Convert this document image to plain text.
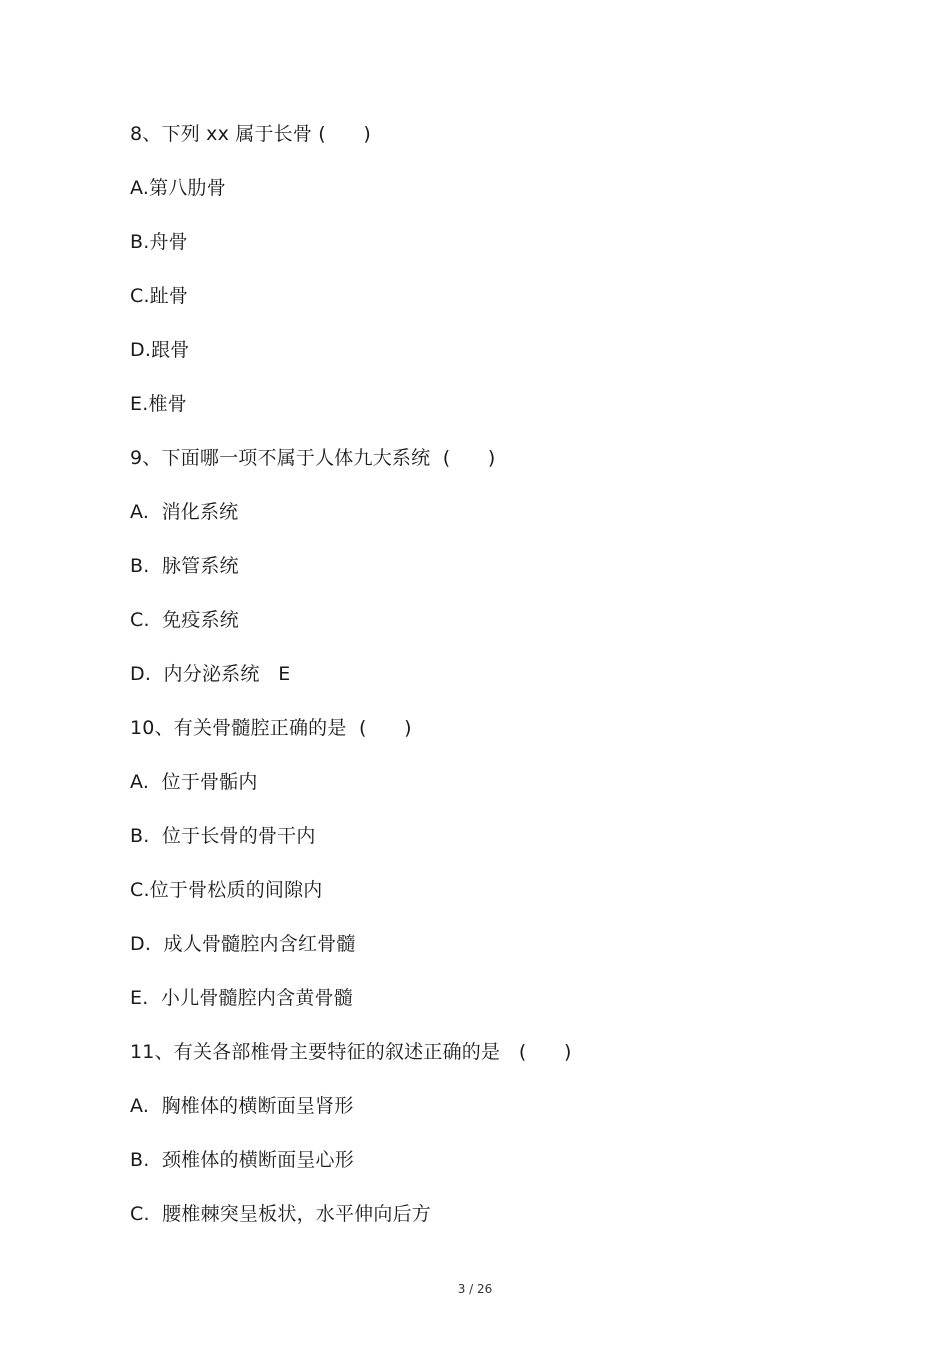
8、下列 xx 属于长骨 (      )
A.第八肋骨
B.舟骨
C.趾骨
D.跟骨
E.椎骨
9、下面哪一项不属于人体九大系统  (      )
A.  消化系统
B.  脉管系统
C.  免疫系统
D.  内分泌系统   E
10、有关骨髓腔正确的是  (      )
A.  位于骨骺内
B.  位于长骨的骨干内
C.位于骨松质的间隙内
D.  成人骨髓腔内含红骨髓
E.  小儿骨髓腔内含黄骨髓
11、有关各部椎骨主要特征的叙述正确的是   (      )
A.  胸椎体的横断面呈肾形
B.  颈椎体的横断面呈心形
C.  腰椎棘突呈板状，水平伸向后方
3 / 26
